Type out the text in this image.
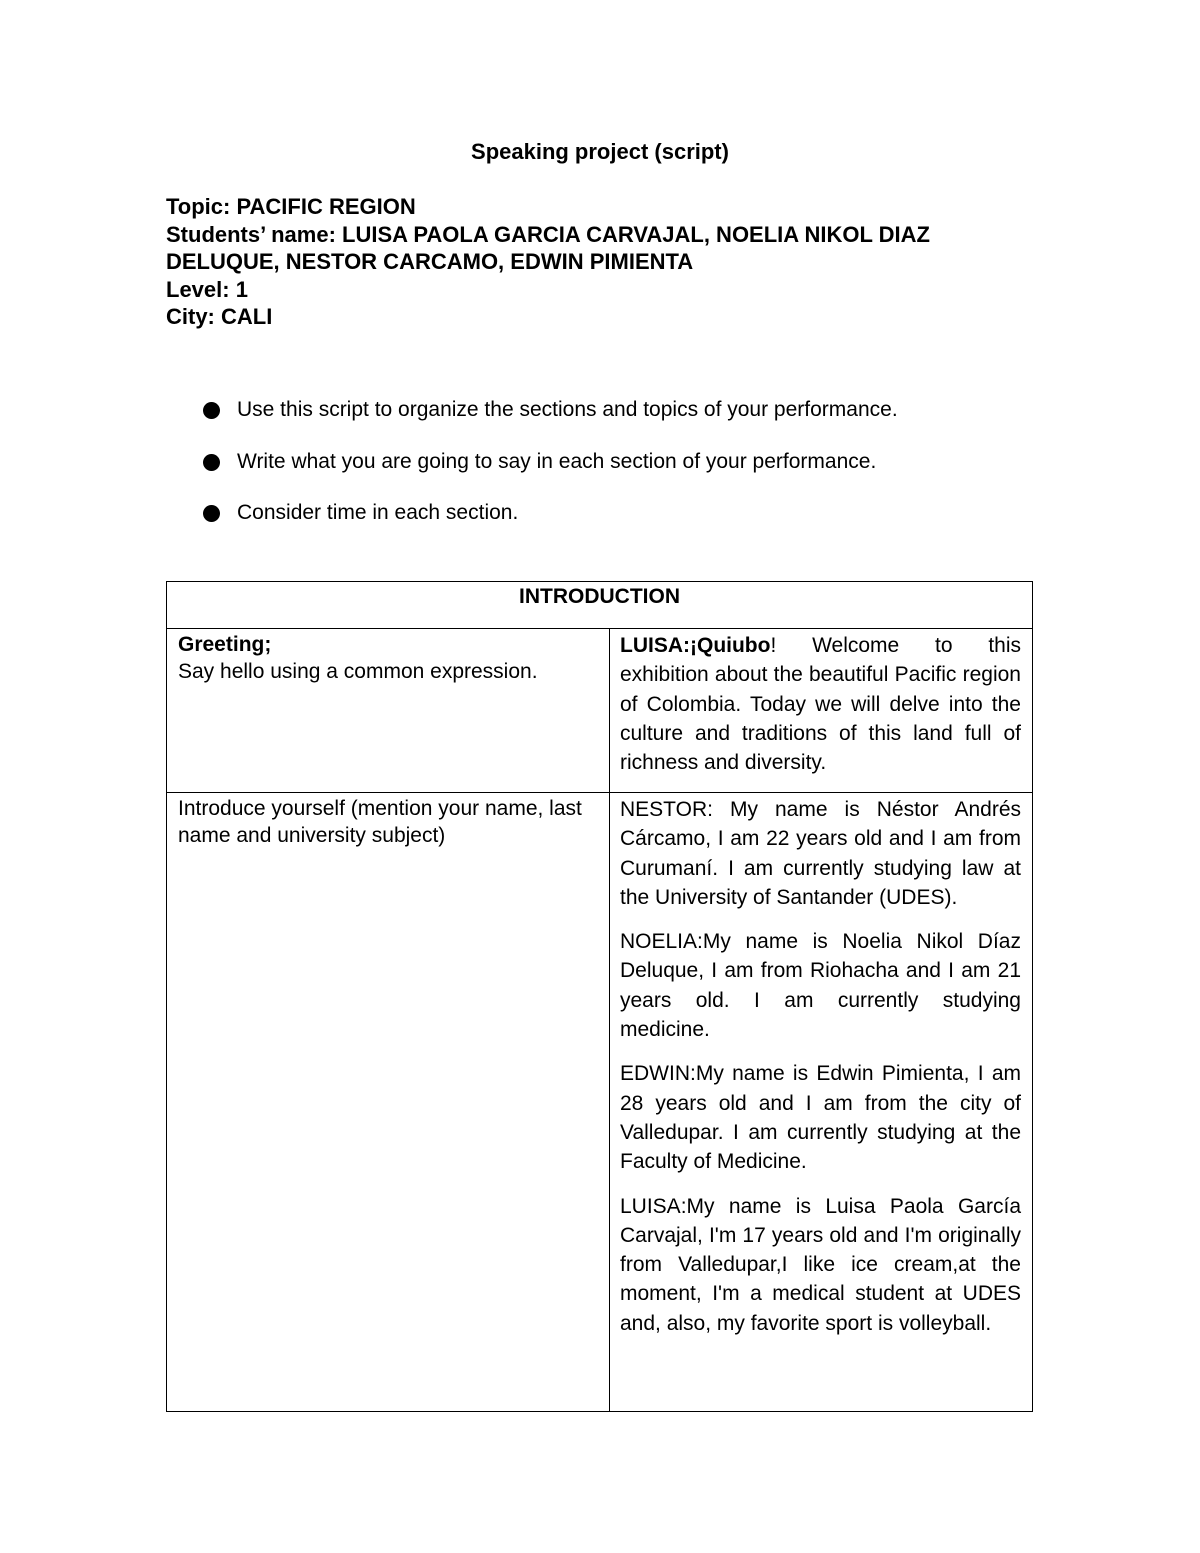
Speaking project (script)
Topic: PACIFIC REGION
Students’ name: LUISA PAOLA GARCIA CARVAJAL, NOELIA NIKOL DIAZ
DELUQUE, NESTOR CARCAMO, EDWIN PIMIENTA
Level: 1
City: CALI
Use this script to organize the sections and topics of your performance.
Write what you are going to say in each section of your performance.
Consider time in each section.
INTRODUCTION	

Greeting;
Say hello using a common expression.	LUISA:¡Quiubo! Welcome to this exhibition about the beautiful Pacific region of Colombia. Today we will delve into the culture and traditions of this land full of richness and diversity.

Introduce yourself (mention your name, last name and university subject)	NESTOR: My name is Néstor Andrés Cárcamo, I am 22 years old and I am from Curumaní. I am currently studying law at the University of Santander (UDES).

NOELIA:My name is Noelia Nikol Díaz Deluque, I am from Riohacha and I am 21 years old. I am currently studying medicine.

EDWIN:My name is Edwin Pimienta, I am 28 years old and I am from the city of Valledupar. I am currently studying at the Faculty of Medicine.

LUISA:My name is Luisa Paola García Carvajal, I'm 17 years old and I'm originally from Valledupar,I like ice cream,at the moment, I'm a medical student at UDES and, also, my favorite sport is volleyball.
